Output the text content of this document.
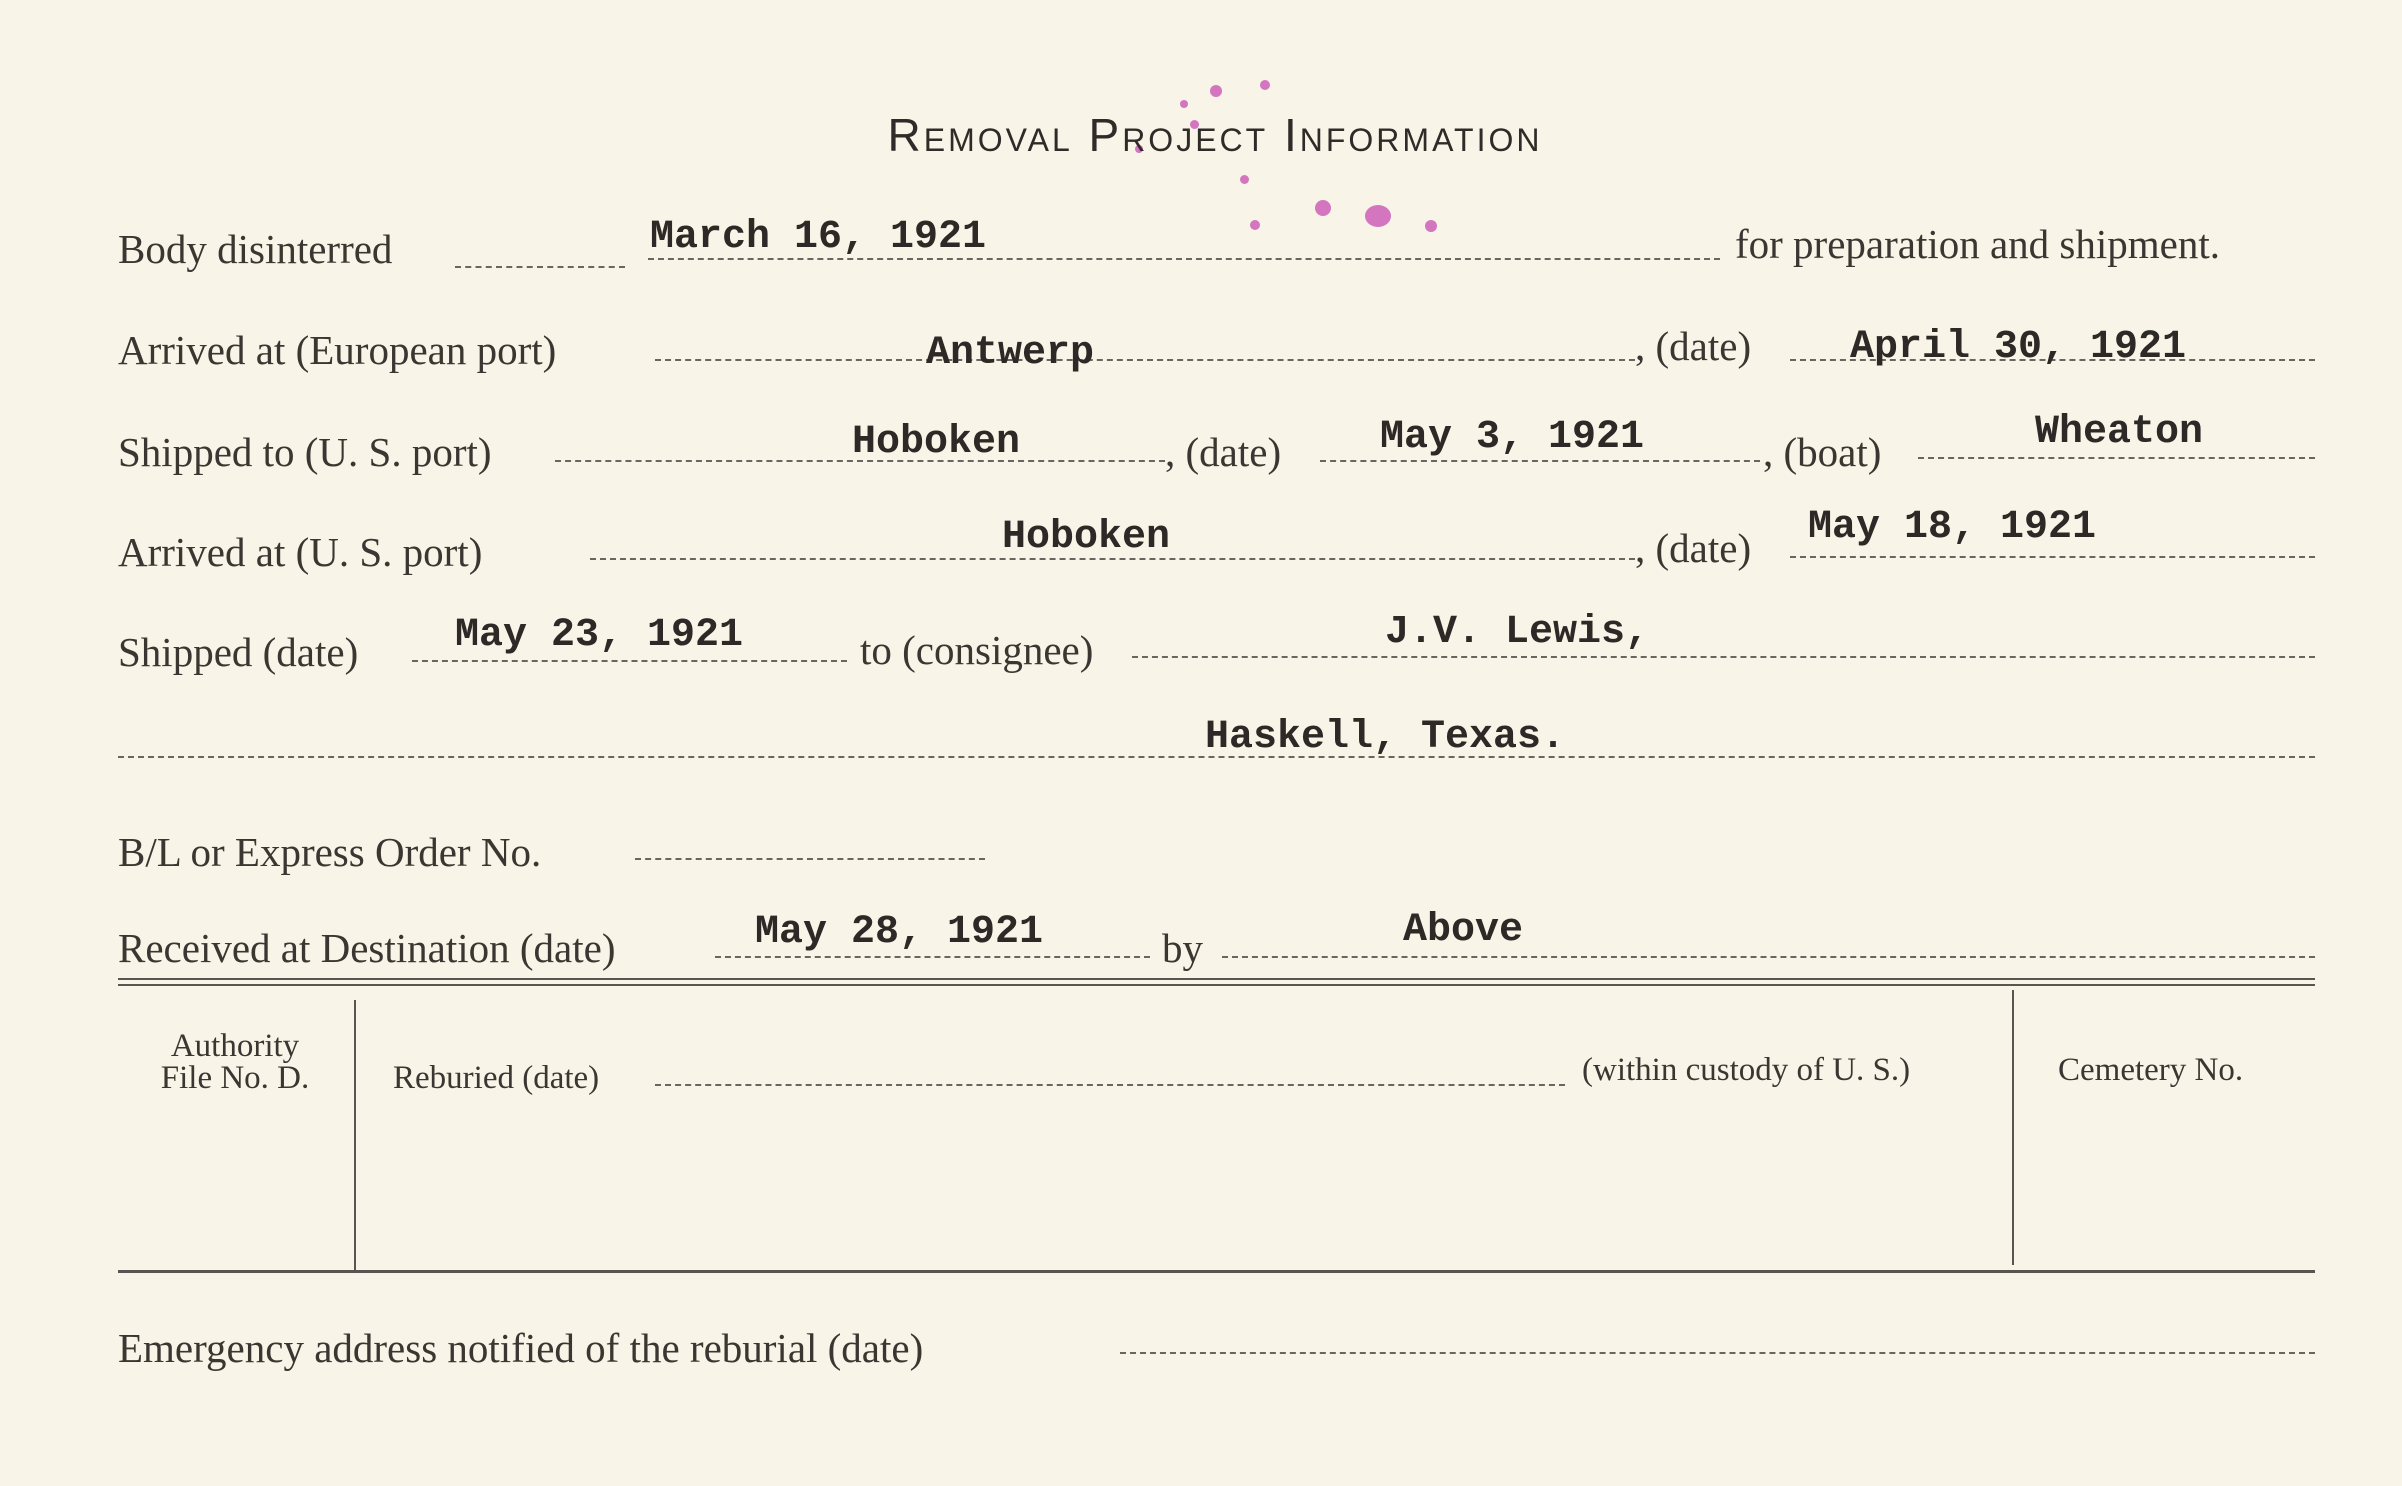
Removal Project Information
Body disinterred	March 16, 1921	for preparation and shipment.
Arrived at (European port)	Antwerp	, (date) April 30, 1921
Shipped to (U. S. port)	Hoboken	, (date) May 3, 1921	, (boat)	Wheaton
Arrived at (U. S. port)	Hoboken	, (date) May 18, 1921
Shipped (date) May 23, 1921	to (consignee)	J.V. Lewis,
Haskell, Texas.
B/L or Express Order No.
Received at Destination (date)	May 28, 1921	by	Above
Authority
File No. D.	Reburied (date)	(within custody of U. S.)	Cemetery No.
Emergency address notified of the reburial (date)
